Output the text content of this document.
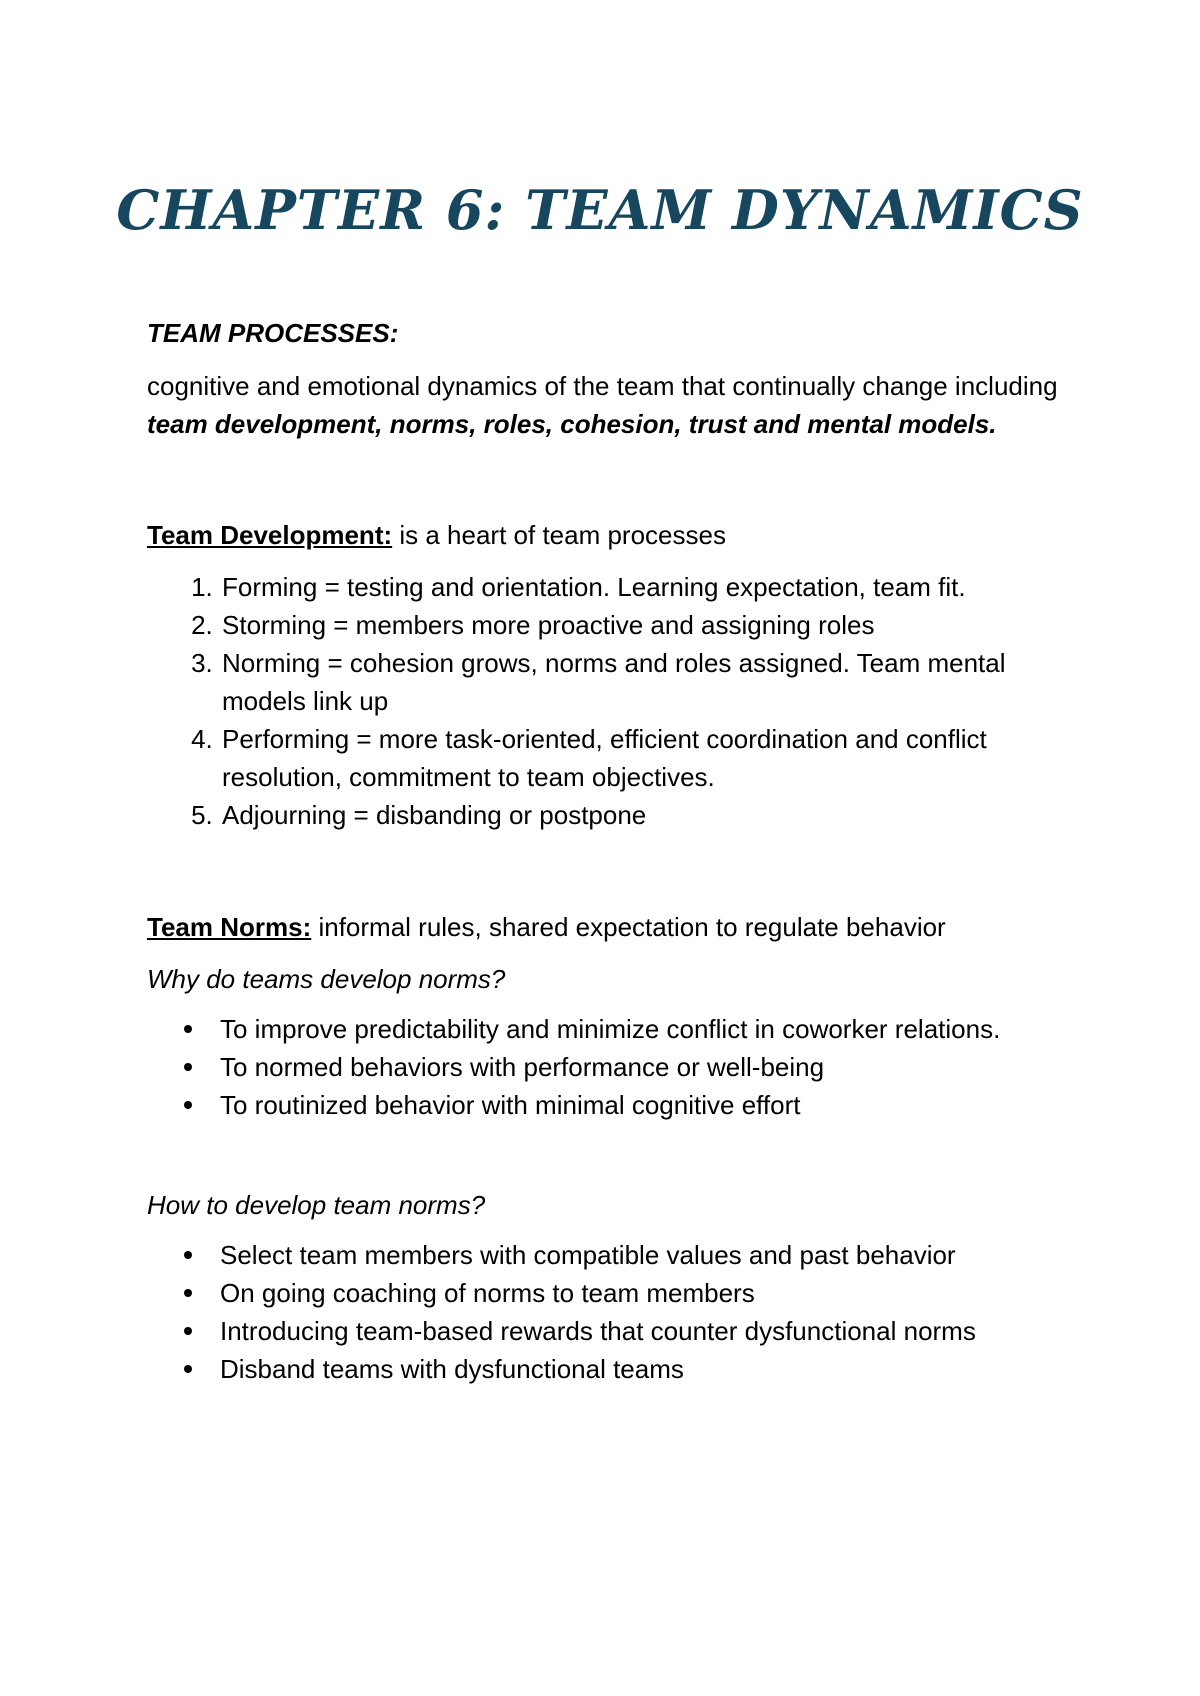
CHAPTER 6: TEAM DYNAMICS

TEAM PROCESSES:

cognitive and emotional dynamics of the team that continually change including team development, norms, roles, cohesion, trust and mental models.

Team Development: is a heart of team processes

1. Forming = testing and orientation. Learning expectation, team fit.
2. Storming = members more proactive and assigning roles
3. Norming = cohesion grows, norms and roles assigned. Team mental models link up
4. Performing = more task-oriented, efficient coordination and conflict resolution, commitment to team objectives.
5. Adjourning = disbanding or postpone

Team Norms: informal rules, shared expectation to regulate behavior

Why do teams develop norms?

To improve predictability and minimize conflict in coworker relations.
To normed behaviors with performance or well-being
To routinized behavior with minimal cognitive effort

How to develop team norms?

Select team members with compatible values and past behavior
On going coaching of norms to team members
Introducing team-based rewards that counter dysfunctional norms
Disband teams with dysfunctional teams
